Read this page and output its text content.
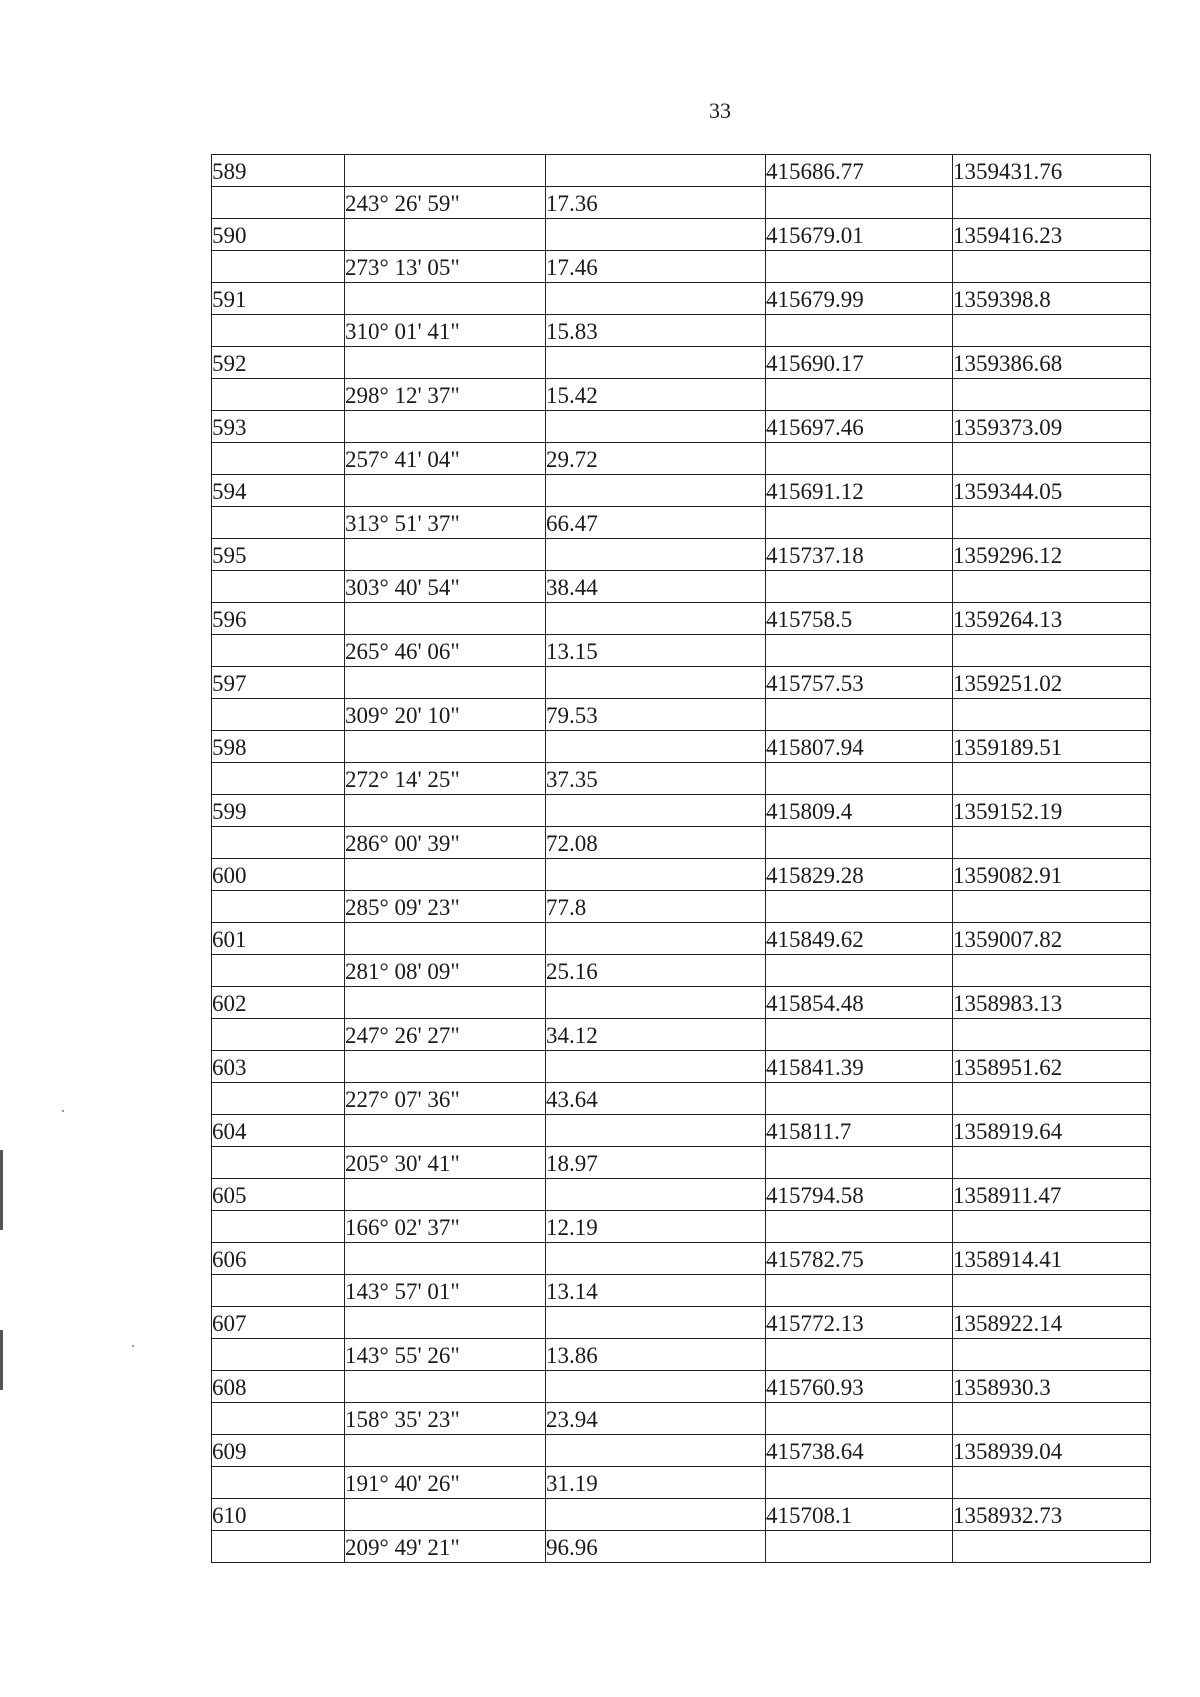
33
589			415686.77	1359431.76
	243° 26' 59"	17.36		
590			415679.01	1359416.23
	273° 13' 05"	17.46		
591			415679.99	1359398.8
	310° 01' 41"	15.83		
592			415690.17	1359386.68
	298° 12' 37"	15.42		
593			415697.46	1359373.09
	257° 41' 04"	29.72		
594			415691.12	1359344.05
	313° 51' 37"	66.47		
595			415737.18	1359296.12
	303° 40' 54"	38.44		
596			415758.5	1359264.13
	265° 46' 06"	13.15		
597			415757.53	1359251.02
	309° 20' 10"	79.53		
598			415807.94	1359189.51
	272° 14' 25"	37.35		
599			415809.4	1359152.19
	286° 00' 39"	72.08		
600			415829.28	1359082.91
	285° 09' 23"	77.8		
601			415849.62	1359007.82
	281° 08' 09"	25.16		
602			415854.48	1358983.13
	247° 26' 27"	34.12		
603			415841.39	1358951.62
	227° 07' 36"	43.64		
604			415811.7	1358919.64
	205° 30' 41"	18.97		
605			415794.58	1358911.47
	166° 02' 37"	12.19		
606			415782.75	1358914.41
	143° 57' 01"	13.14		
607			415772.13	1358922.14
	143° 55' 26"	13.86		
608			415760.93	1358930.3
	158° 35' 23"	23.94		
609			415738.64	1358939.04
	191° 40' 26"	31.19		
610			415708.1	1358932.73
	209° 49' 21"	96.96		
